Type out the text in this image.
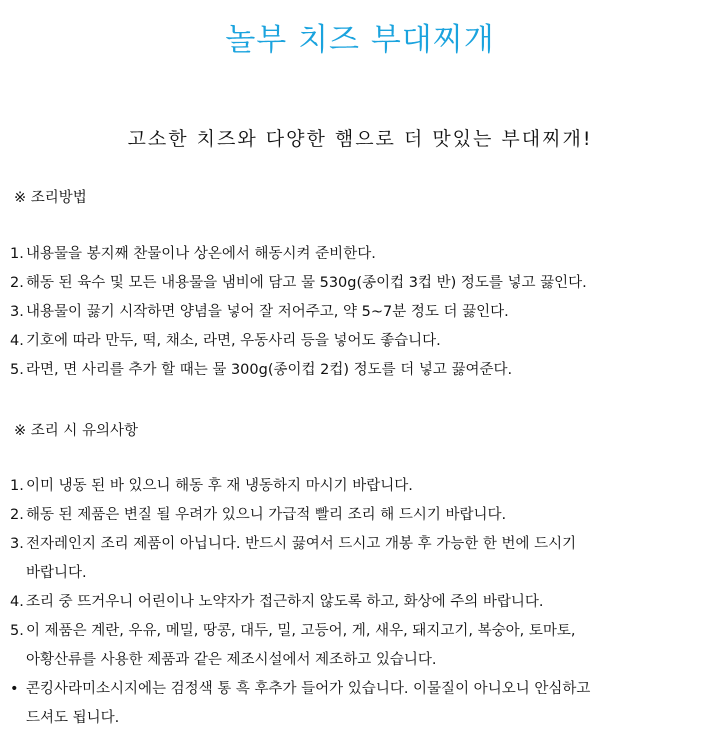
놀부 치즈 부대찌개
고소한 치즈와 다양한 햄으로 더 맛있는 부대찌개!
※ 조리방법
1. 내용물을 봉지째 찬물이나 상온에서 해동시켜 준비한다.
2. 해동 된 육수 및 모든 내용물을 냄비에 담고 물 530g(종이컵 3컵 반) 정도를 넣고 끓인다.
3. 내용물이 끓기 시작하면 양념을 넣어 잘 저어주고, 약 5~7분 정도 더 끓인다.
4. 기호에 따라 만두, 떡, 채소, 라면, 우동사리 등을 넣어도 좋습니다.
5. 라면, 면 사리를 추가 할 때는 물 300g(종이컵 2컵) 정도를 더 넣고 끓여준다.
※ 조리 시 유의사항
1. 이미 냉동 된 바 있으니 해동 후 재 냉동하지 마시기 바랍니다.
2. 해동 된 제품은 변질 될 우려가 있으니 가급적 빨리 조리 해 드시기 바랍니다.
3. 전자레인지 조리 제품이 아닙니다. 반드시 끓여서 드시고 개봉 후 가능한 한 번에 드시기
바랍니다.
4. 조리 중 뜨거우니 어린이나 노약자가 접근하지 않도록 하고, 화상에 주의 바랍니다.
5. 이 제품은 계란, 우유, 메밀, 땅콩, 대두, 밀, 고등어, 게, 새우, 돼지고기, 복숭아, 토마토,
아황산류를 사용한 제품과 같은 제조시설에서 제조하고 있습니다.
• 콘킹사라미소시지에는 검정색 통 흑 후추가 들어가 있습니다. 이물질이 아니오니 안심하고
드셔도 됩니다.
